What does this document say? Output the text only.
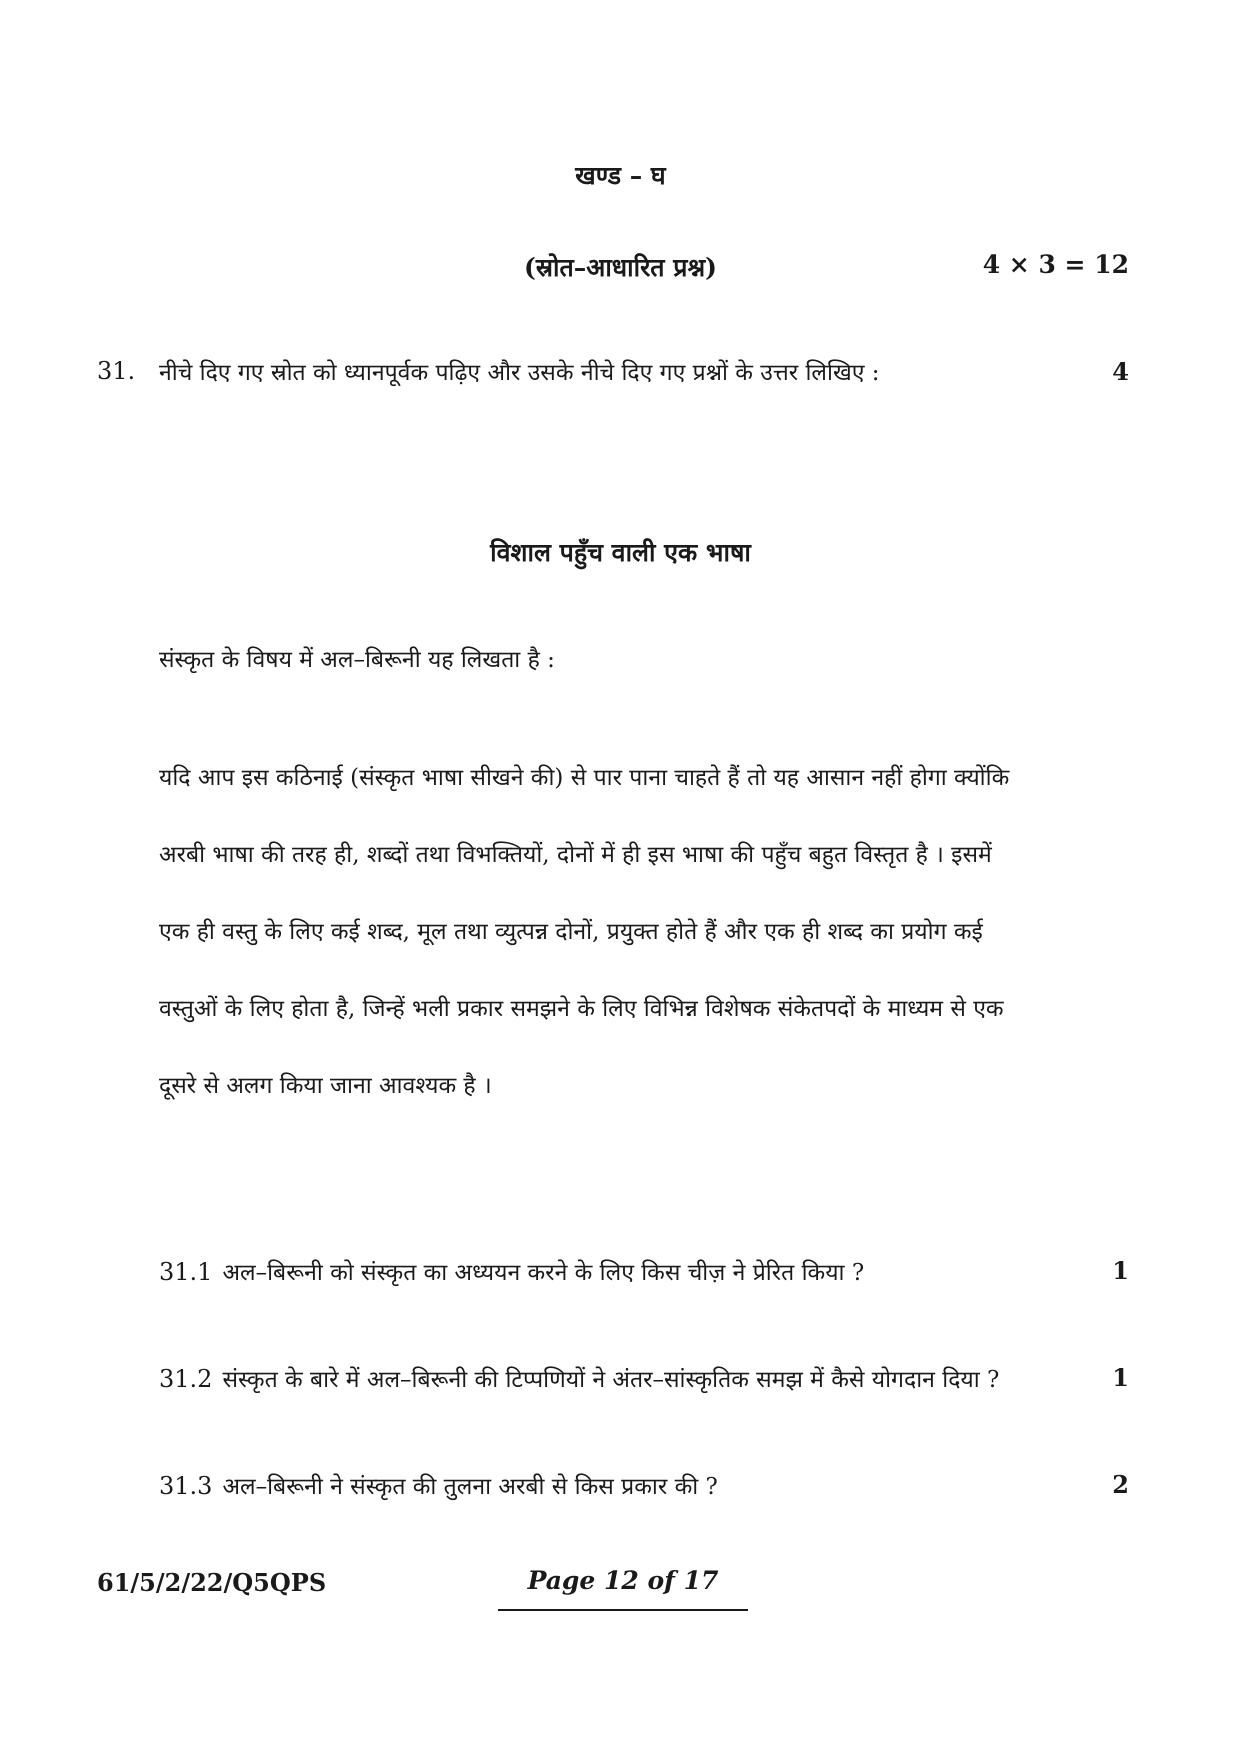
खण्ड – घ
(स्रोत–आधारित प्रश्न)	4 × 3 = 12
31. नीचे दिए गए स्रोत को ध्यानपूर्वक पढ़िए और उसके नीचे दिए गए प्रश्नों के उत्तर लिखिए :	4
विशाल पहुँच वाली एक भाषा
संस्कृत के विषय में अल–बिरूनी यह लिखता है :
यदि आप इस कठिनाई (संस्कृत भाषा सीखने की) से पार पाना चाहते हैं तो यह आसान नहीं होगा क्योंकि
अरबी भाषा की तरह ही, शब्दों तथा विभक्तियों, दोनों में ही इस भाषा की पहुँच बहुत विस्तृत है । इसमें
एक ही वस्तु के लिए कई शब्द, मूल तथा व्युत्पन्न दोनों, प्रयुक्त होते हैं और एक ही शब्द का प्रयोग कई
वस्तुओं के लिए होता है, जिन्हें भली प्रकार समझने के लिए विभिन्न विशेषक संकेतपदों के माध्यम से एक
दूसरे से अलग किया जाना आवश्यक है ।
31.1 अल–बिरूनी को संस्कृत का अध्ययन करने के लिए किस चीज़ ने प्रेरित किया ?	1
31.2 संस्कृत के बारे में अल–बिरूनी की टिप्पणियों ने अंतर–सांस्कृतिक समझ में कैसे योगदान दिया ?	1
31.3 अल–बिरूनी ने संस्कृत की तुलना अरबी से किस प्रकार की ?	2
61/5/2/22/Q5QPS	Page 12 of 17
